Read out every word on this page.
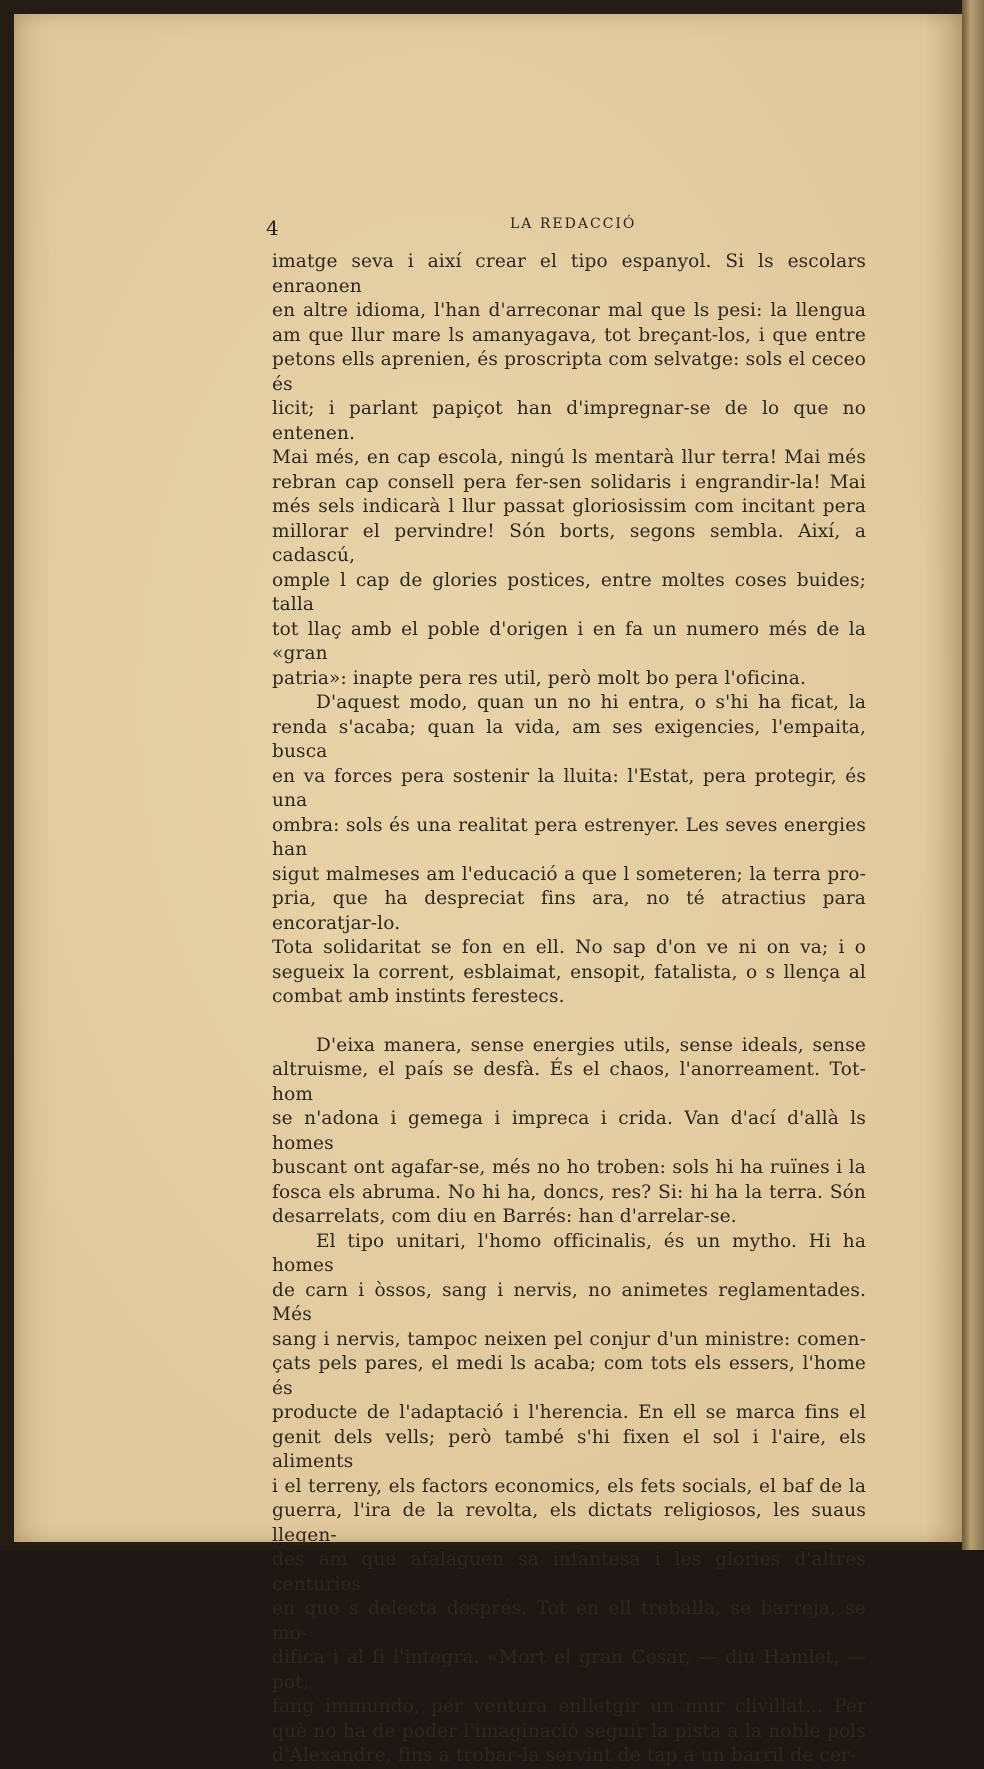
4	LA REDACCIÓ
imatge seva i així crear el tipo espanyol. Si ls escolars enraonen
en altre idioma, l'han d'arreconar mal que ls pesi: la llengua
am que llur mare ls amanyagava, tot breçant-los, i que entre
petons ells aprenien, és proscripta com selvatge: sols el ceceo és
licit; i parlant papiçot han d'impregnar-se de lo que no entenen.
Mai més, en cap escola, ningú ls mentarà llur terra! Mai més
rebran cap consell pera fer-sen solidaris i engrandir-la! Mai
més sels indicarà l llur passat gloriosissim com incitant pera
millorar el pervindre! Són borts, segons sembla. Així, a cadascú,
omple l cap de glories postices, entre moltes coses buides; talla
tot llaç amb el poble d'origen i en fa un numero més de la «gran
patria»: inapte pera res util, però molt bo pera l'oficina.
D'aquest modo, quan un no hi entra, o s'hi ha ficat, la
renda s'acaba; quan la vida, am ses exigencies, l'empaita, busca
en va forces pera sostenir la lluita: l'Estat, pera protegir, és una
ombra: sols és una realitat pera estrenyer. Les seves energies han
sigut malmeses am l'educació a que l someteren; la terra pro-
pria, que ha despreciat fins ara, no té atractius para encoratjar-lo.
Tota solidaritat se fon en ell. No sap d'on ve ni on va; i o
segueix la corrent, esblaimat, ensopit, fatalista, o s llença al
combat amb instints ferestecs.
D'eixa manera, sense energies utils, sense ideals, sense
altruisme, el país se desfà. És el chaos, l'anorreament. Tot-hom
se n'adona i gemega i impreca i crida. Van d'ací d'allà ls homes
buscant ont agafar-se, més no ho troben: sols hi ha ruïnes i la
fosca els abruma. No hi ha, doncs, res? Si: hi ha la terra. Són
desarrelats, com diu en Barrés: han d'arrelar-se.
El tipo unitari, l'homo officinalis, és un mytho. Hi ha homes
de carn i òssos, sang i nervis, no animetes reglamentades. Més
sang i nervis, tampoc neixen pel conjur d'un ministre: comen-
çats pels pares, el medi ls acaba; com tots els essers, l'home és
producte de l'adaptació i l'herencia. En ell se marca fins el
genit dels vells; però també s'hi fixen el sol i l'aire, els aliments
i el terreny, els factors economics, els fets socials, el baf de la
guerra, l'ira de la revolta, els dictats religiosos, les suaus llegen-
des am que afalaguen sa infantesa i les glories d'altres centuries
en que s delecta després. Tot en ell treballa, se barreja, se mo-
difica i al fi l'integra. «Mort el gran Cesar, — diu Hamlet, — pot,
fang immundo, per ventura enlletgir un mur clivillat... Per
què no ha de poder l'imaginació seguir la pista a la noble pols
d'Alexandre, fins a trobar-la servint de tap a un barril de cer-
